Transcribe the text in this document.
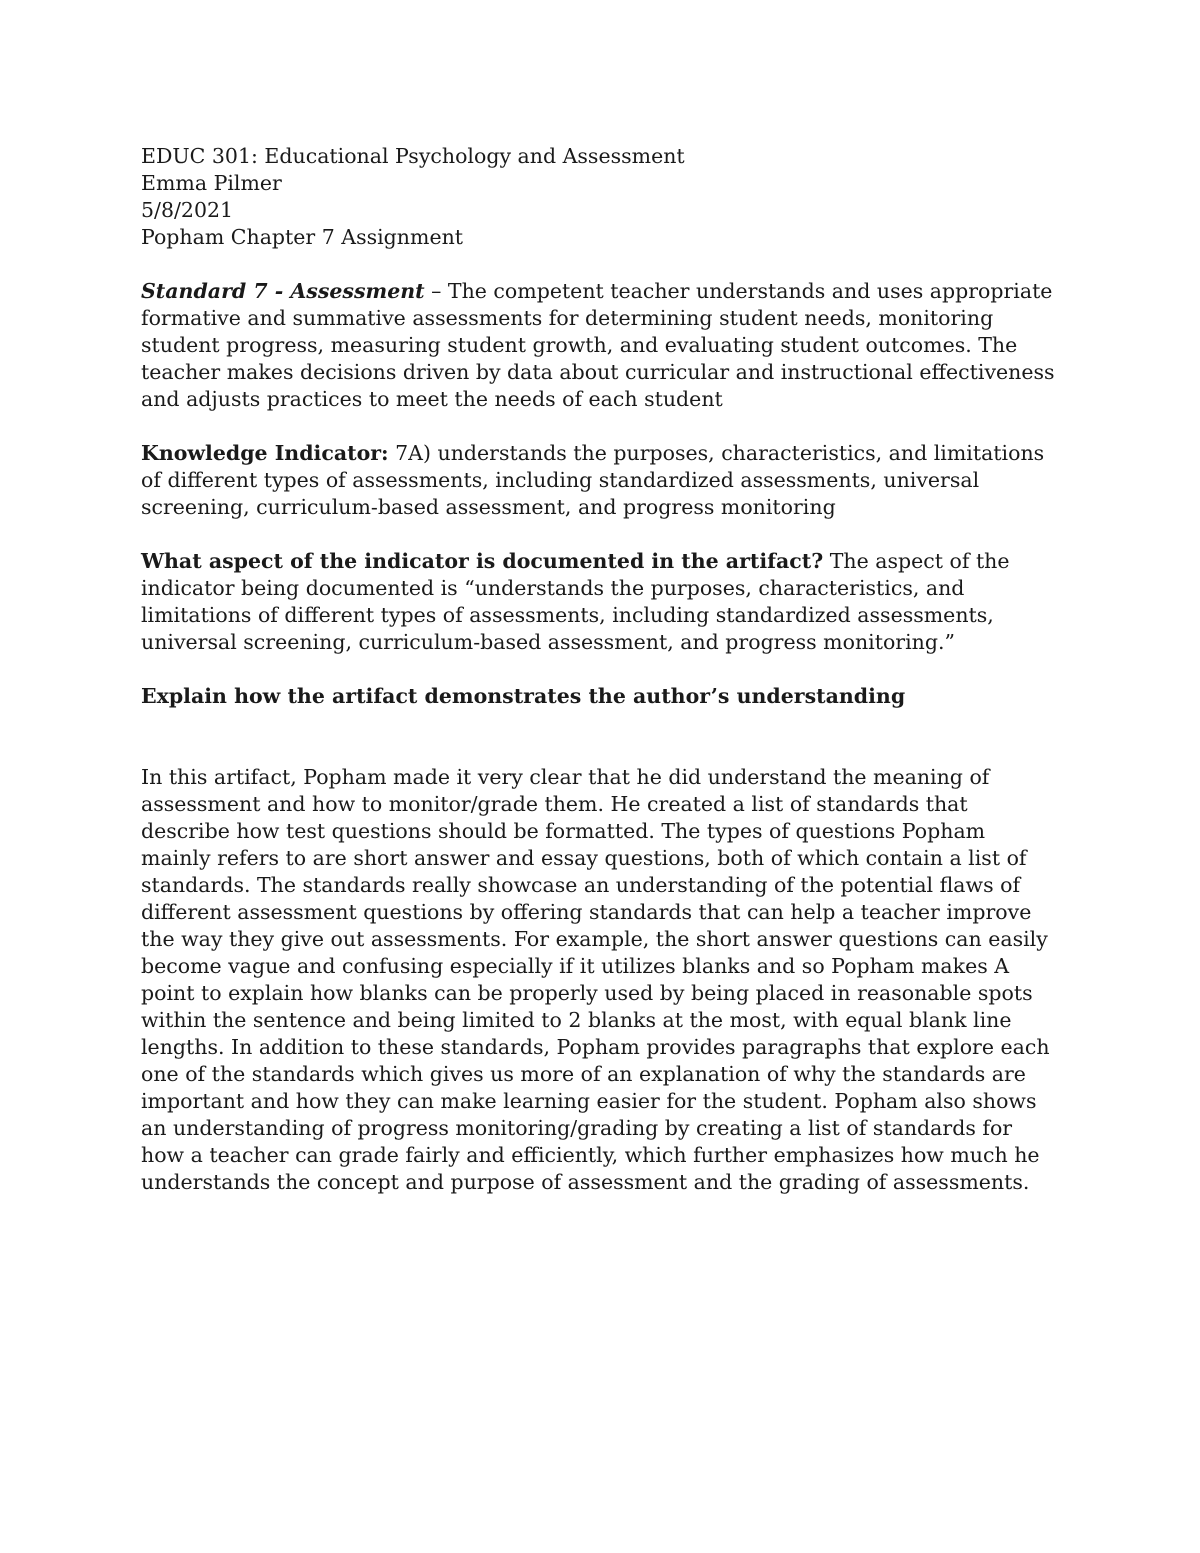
EDUC 301: Educational Psychology and Assessment
Emma Pilmer
5/8/2021
Popham Chapter 7 Assignment

Standard 7 - Assessment – The competent teacher understands and uses appropriate formative and summative assessments for determining student needs, monitoring student progress, measuring student growth, and evaluating student outcomes. The teacher makes decisions driven by data about curricular and instructional effectiveness and adjusts practices to meet the needs of each student

Knowledge Indicator: 7A) understands the purposes, characteristics, and limitations of different types of assessments, including standardized assessments, universal screening, curriculum-based assessment, and progress monitoring

What aspect of the indicator is documented in the artifact? The aspect of the indicator being documented is “understands the purposes, characteristics, and limitations of different types of assessments, including standardized assessments, universal screening, curriculum-based assessment, and progress monitoring.”

Explain how the artifact demonstrates the author’s understanding

In this artifact, Popham made it very clear that he did understand the meaning of assessment and how to monitor/grade them. He created a list of standards that describe how test questions should be formatted. The types of questions Popham mainly refers to are short answer and essay questions, both of which contain a list of standards. The standards really showcase an understanding of the potential flaws of different assessment questions by offering standards that can help a teacher improve the way they give out assessments. For example, the short answer questions can easily become vague and confusing especially if it utilizes blanks and so Popham makes A point to explain how blanks can be properly used by being placed in reasonable spots within the sentence and being limited to 2 blanks at the most, with equal blank line lengths. In addition to these standards, Popham provides paragraphs that explore each one of the standards which gives us more of an explanation of why the standards are important and how they can make learning easier for the student. Popham also shows an understanding of progress monitoring/grading by creating a list of standards for how a teacher can grade fairly and efficiently, which further emphasizes how much he understands the concept and purpose of assessment and the grading of assessments.
